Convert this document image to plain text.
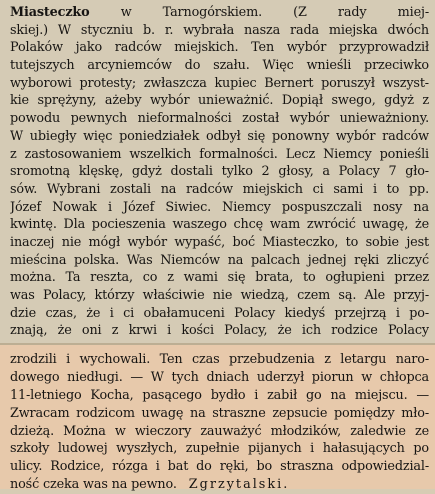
Miasteczko w Tarnogórskiem. (Z rady miej-
skiej.) W styczniu b. r. wybrała nasza rada miejska dwóch
Polaków jako radców miejskich. Ten wybór przyprowadził
tutejszych arcyniemców do szału. Więc wnieśli przeciwko
wyborowi protesty; zwłaszcza kupiec Bernert poruszył wszyst-
kie sprężyny, ażeby wybór unieważnić. Dopiął swego, gdyż z
powodu pewnych nieformalności został wybór unieważniony.
W ubiegły więc poniedziałek odbył się ponowny wybór radców
z zastosowaniem wszelkich formalności. Lecz Niemcy ponieśli
sromotną klęskę, gdyż dostali tylko 2 głosy, a Polacy 7 gło-
sów. Wybrani zostali na radców miejskich ci sami i to pp.
Józef Nowak i Józef Siwiec. Niemcy pospuszczali nosy na
kwintę. Dla pocieszenia waszego chcę wam zwrócić uwagę, że
inaczej nie mógł wybór wypaść, boć Miasteczko, to sobie jest
mieścina polska. Was Niemców na palcach jednej ręki zliczyć
można. Ta reszta, co z wami się brata, to ogłupieni przez
was Polacy, którzy właściwie nie wiedzą, czem są. Ale przyj-
dzie czas, że i ci obałamuceni Polacy kiedyś przejrzą i po-
znają, że oni z krwi i kości Polacy, że ich rodzice Polacy
zrodzili i wychowali. Ten czas przebudzenia z letargu naro-
dowego niedługi. — W tych dniach uderzył piorun w chłopca
11-letniego Kocha, pasącego bydło i zabił go na miejscu. —
Zwracam rodzicom uwagę na straszne zepsucie pomiędzy mło-
dzieżą. Można w wieczory zauważyć młodzików, zaledwie ze
szkoły ludowej wyszłych, zupełnie pijanych i hałasujących po
ulicy. Rodzice, rózga i bat do ręki, bo straszna odpowiedzial-
ność czeka was na pewno. Zgrzytalski.
